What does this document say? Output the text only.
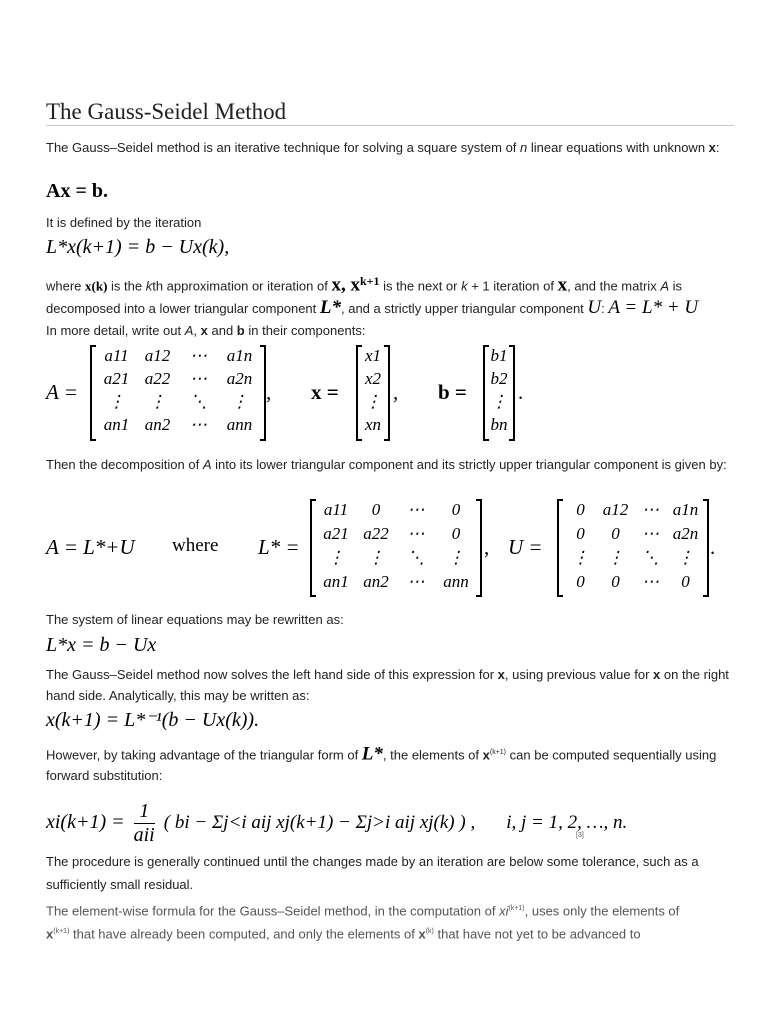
The Gauss-Seidel Method
The Gauss–Seidel method is an iterative technique for solving a square system of n linear equations with unknown x:
Ax = b.
It is defined by the iteration
L*x(k+1) = b − Ux(k),
where x(k) is the kth approximation or iteration of x, xk+1 is the next or k + 1 iteration of x, and the matrix A is decomposed into a lower triangular component L*, and a strictly upper triangular component U: A = L* + U
In more detail, write out A, x and b in their components:
A =
a11 a12	⋯	a1n
a21 a22	⋯	a2n
⋮	⋮	⋱	⋮
an1 an2	⋯	ann
, x =
x1
x2
⋮
xn
, b =
b1
b2
⋮
bn
.
Then the decomposition of A into its lower triangular component and its strictly upper triangular component is given by:
A = L*+U where L* =
a11	0	⋯	0
a21 a22	⋯	0
⋮	⋮	⋱	⋮
an1 an2	⋯	ann
, U =
0	a12 ⋯ a1n
0	0	⋯ a2n
⋮	⋮	⋱	⋮
0	0	⋯	0
.
The system of linear equations may be rewritten as:
L*x = b − Ux
The Gauss–Seidel method now solves the left hand side of this expression for x, using previous value for x on the right hand side. Analytically, this may be written as:
x(k+1) = L*⁻¹(b − Ux(k)).
However, by taking advantage of the triangular form of L*, the elements of $x^{(k+1)}$ can be computed sequentially using forward substitution:
xi(k+1) =
1
aii
( bi − Σj<i aij xj(k+1) − Σj>i aij xj(k) ) , i, j = 1, 2, …, n.
[3]
The procedure is generally continued until the changes made by an iteration are below some tolerance, such as a sufficiently small residual.
The element-wise formula for the Gauss–Seidel method, in the computation of $xi^{(k+1)}$, uses only the elements of $x^{(k+1)}$ that have already been computed, and only the elements of $x^{(k)}$ that have not yet to be advanced to
